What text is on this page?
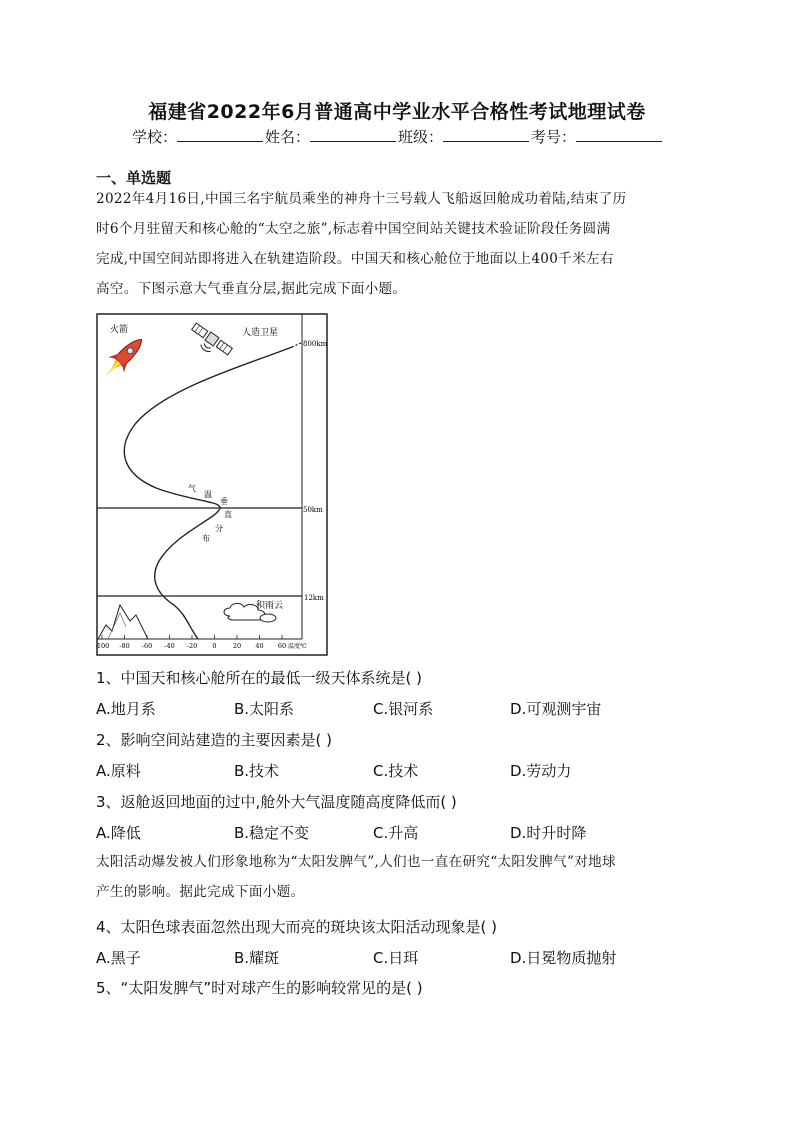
福建省2022年6月普通高中学业水平合格性考试地理试卷
学校：	姓名：	班级：	考号：
一、单选题
2022年4月16日,中国三名宇航员乘坐的神舟十三号载人飞船返回舱成功着陆,结束了历
时6个月驻留天和核心舱的“太空之旅”,标志着中国空间站关键技术验证阶段任务圆满
完成,中国空间站即将进入在轨建造阶段。中国天和核心舱位于地面以上400千米左右
高空。下图示意大气垂直分层,据此完成下面小题。
800km
50km
12km
火箭	人造卫星
气
温
垂
直
分
布
积雨云
-100 -80 -60 -40 -20 0	20 40 60 温度℃
1、中国天和核心舱所在的最低一级天体系统是( )
A.地月系	B.太阳系	C.银河系	D.可观测宇宙
2、影响空间站建造的主要因素是( )
A.原料	B.技术	C.技术	D.劳动力
3、返舱返回地面的过中,舱外大气温度随高度降低而( )
A.降低	B.稳定不变	C.升高	D.时升时降
太阳活动爆发被人们形象地称为“太阳发脾气”,人们也一直在研究“太阳发脾气”对地球
产生的影响。据此完成下面小题。
4、太阳色球表面忽然出现大而亮的斑块该太阳活动现象是( )
A.黑子	B.耀斑	C.日珥	D.日冕物质抛射
5、“太阳发脾气”时对球产生的影响较常见的是( )
